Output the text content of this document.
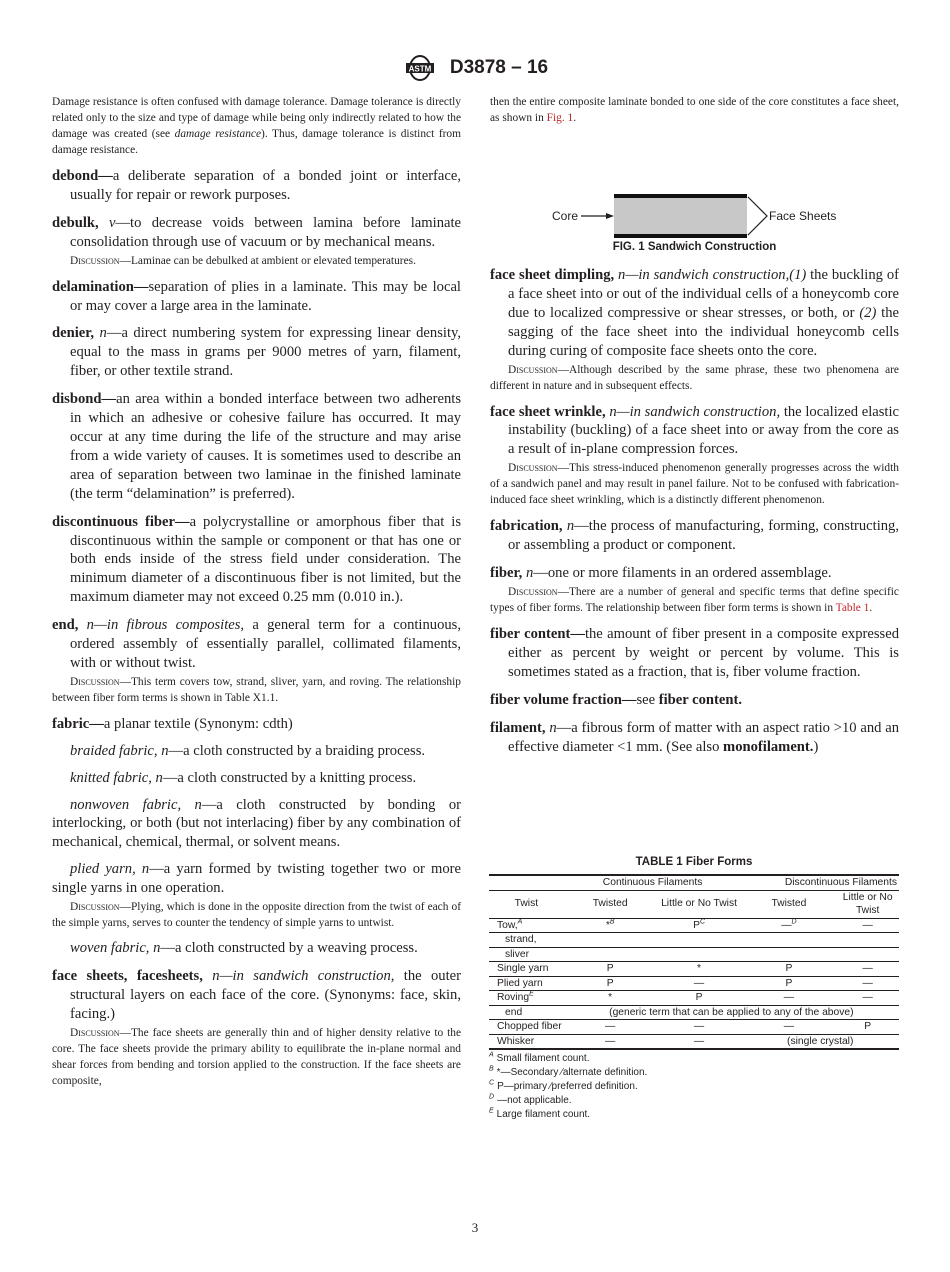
ASTM D3878 – 16

Damage resistance is often confused with damage tolerance. Damage tolerance is directly related only to the size and type of damage while being only indirectly related to how the damage was created (see damage resistance). Thus, damage tolerance is distinct from damage resistance.

debond—a deliberate separation of a bonded joint or interface, usually for repair or rework purposes.

debulk, v—to decrease voids between lamina before laminate consolidation through use of vacuum or by mechanical means.

Discussion—Laminae can be debulked at ambient or elevated temperatures.

delamination—separation of plies in a laminate. This may be local or may cover a large area in the laminate.

denier, n—a direct numbering system for expressing linear density, equal to the mass in grams per 9000 metres of yarn, filament, fiber, or other textile strand.

disbond—an area within a bonded interface between two adherents in which an adhesive or cohesive failure has occurred. It may occur at any time during the life of the structure and may arise from a wide variety of causes. It is sometimes used to describe an area of separation between two laminae in the finished laminate (the term “delamination” is preferred).

discontinuous fiber—a polycrystalline or amorphous fiber that is discontinuous within the sample or component or that has one or both ends inside of the stress field under consideration. The minimum diameter of a discontinuous fiber is not limited, but the maximum diameter may not exceed 0.25 mm (0.010 in.).

end, n—in fibrous composites, a general term for a continuous, ordered assembly of essentially parallel, collimated filaments, with or without twist.

Discussion—This term covers tow, strand, sliver, yarn, and roving. The relationship between fiber form terms is shown in Table X1.1.

fabric—a planar textile (Synonym: cdth)

braided fabric, n—a cloth constructed by a braiding process.

knitted fabric, n—a cloth constructed by a knitting process.

nonwoven fabric, n—a cloth constructed by bonding or interlocking, or both (but not interlacing) fiber by any combination of mechanical, chemical, thermal, or solvent means.

plied yarn, n—a yarn formed by twisting together two or more single yarns in one operation.

Discussion—Plying, which is done in the opposite direction from the twist of each of the simple yarns, serves to counter the tendency of simple yarns to untwist.

woven fabric, n—a cloth constructed by a weaving process.

face sheets, facesheets, n—in sandwich construction, the outer structural layers on each face of the core. (Synonyms: face, skin, facing.)

Discussion—The face sheets are generally thin and of higher density relative to the core. The face sheets provide the primary ability to equilibrate the in-plane normal and shear forces from bending and torsion applied to the construction. If the face sheets are composite,

then the entire composite laminate bonded to one side of the core constitutes a face sheet, as shown in Fig. 1.

Core	Face Sheets
FIG. 1 Sandwich Construction

face sheet dimpling, n—in sandwich construction,(1) the buckling of a face sheet into or out of the individual cells of a honeycomb core due to localized compressive or shear stresses, or both, or (2) the sagging of the face sheet into the individual honeycomb cells during curing of composite face sheets onto the core.

Discussion—Although described by the same phrase, these two phenomena are different in nature and in subsequent effects.

face sheet wrinkle, n—in sandwich construction, the localized elastic instability (buckling) of a face sheet into or away from the core as a result of in-plane compression forces.

Discussion—This stress-induced phenomenon generally progresses across the width of a sandwich panel and may result in panel failure. Not to be confused with fabrication-induced face sheet wrinkling, which is a distinctly different phenomenon.

fabrication, n—the process of manufacturing, forming, constructing, or assembling a product or component.

fiber, n—one or more filaments in an ordered assemblage.

Discussion—There are a number of general and specific terms that define specific types of fiber forms. The relationship between fiber form terms is shown in Table 1.

fiber content—the amount of fiber present in a composite expressed either as percent by weight or percent by volume. This is sometimes stated as a fraction, that is, fiber volume fraction.

fiber volume fraction—see fiber content.

filament, n—a fibrous form of matter with an aspect ratio >10 and an effective diameter <1 mm. (See also monofilament.)

TABLE 1 Fiber Forms
	Continuous Filaments		Discontinuous Filaments	
Twist	Twisted	Little or No Twist	Twisted	Little or No Twist
Tow,$^A$	*$^B$	$P^C$	—$^D$	—
strand,				
sliver				
Single yarn	P	*	P	—
Plied yarn	P	—	P	—
Roving$^E$	*	P	—	—
end	(generic term that can be applied to any of the above)			
Chopped fiber	—	—	—	P
Whisker	—	—	(single crystal)	
$^A$ Small filament count.
$^B$ *—Secondary ⁄alternate definition.
$^C$ P—primary ⁄preferred definition.
$^D$ —not applicable.
$^E$ Large filament count.
3
